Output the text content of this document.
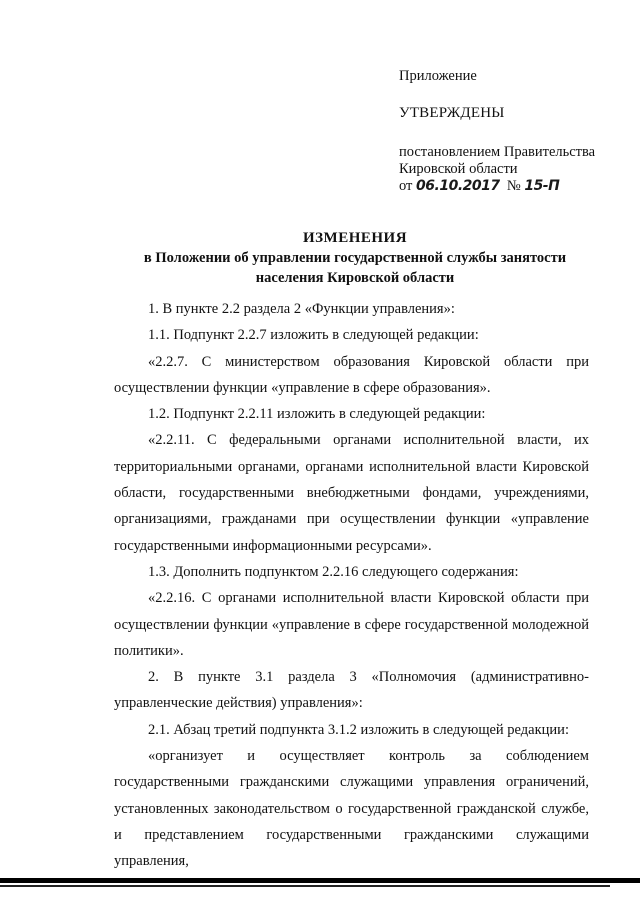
Приложение
УТВЕРЖДЕНЫ
постановлением Правительства
Кировской области
от 06.10.2017 № 15-П
ИЗМЕНЕНИЯ
в Положении об управлении государственной службы занятости
населения Кировской области

1. В пункте 2.2 раздела 2 «Функции управления»:

1.1. Подпункт 2.2.7 изложить в следующей редакции:

«2.2.7. С министерством образования Кировской области при осуществлении функции «управление в сфере образования».

1.2. Подпункт 2.2.11 изложить в следующей редакции:

«2.2.11. С федеральными органами исполнительной власти, их территориальными органами, органами исполнительной власти Кировской области, государственными внебюджетными фондами, учреждениями, организациями, гражданами при осуществлении функции «управление государственными информационными ресурсами».

1.3. Дополнить подпунктом 2.2.16 следующего содержания:

«2.2.16. С органами исполнительной власти Кировской области при осуществлении функции «управление в сфере государственной молодежной политики».

2. В пункте 3.1 раздела 3 «Полномочия (административно-управленческие действия) управления»:

2.1. Абзац третий подпункта 3.1.2 изложить в следующей редакции:

«организует и осуществляет контроль за соблюдением государственными гражданскими служащими управления ограничений, установленных законодательством о государственной гражданской службе, и представлением государственными гражданскими служащими управления,
